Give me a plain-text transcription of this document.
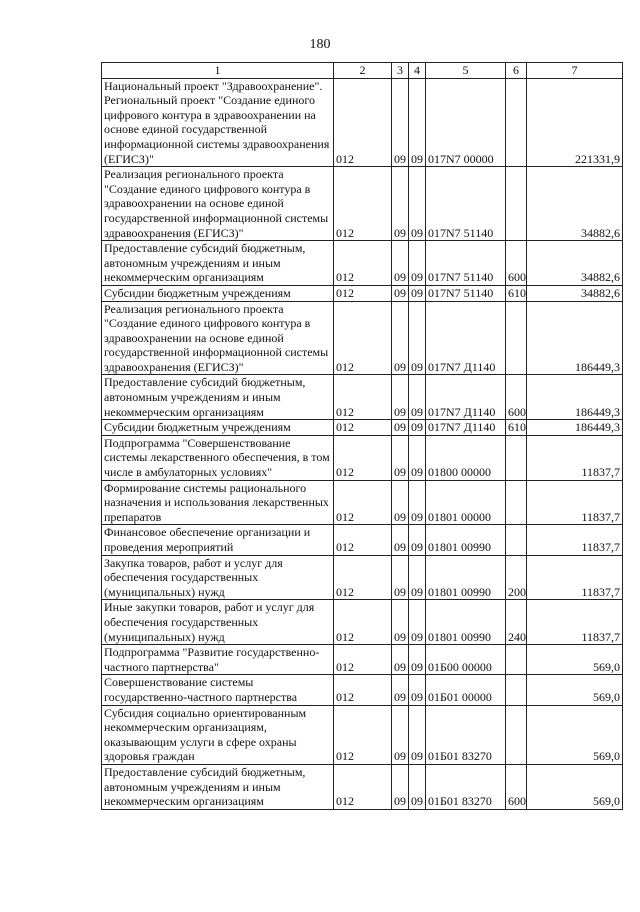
180
1	2	3	4	5	6	7
Национальный проект "Здравоохранение". Региональный проект "Создание единого цифрового контура в здравоохранении на основе единой государственной информационной системы здравоохранения (ЕГИСЗ)"	012	09	09	017N7 00000		221331,9
Реализация регионального проекта "Создание единого цифрового контура в здравоохранении на основе единой государственной информационной системы здравоохранения (ЕГИСЗ)"	012	09	09	017N7 51140		34882,6
Предоставление субсидий бюджетным, автономным учреждениям и иным некоммерческим организациям	012	09	09	017N7 51140	600	34882,6
Субсидии бюджетным учреждениям	012	09	09	017N7 51140	610	34882,6
Реализация регионального проекта "Создание единого цифрового контура в здравоохранении на основе единой государственной информационной системы здравоохранения (ЕГИСЗ)"	012	09	09	017N7 Д1140		186449,3
Предоставление субсидий бюджетным, автономным учреждениям и иным некоммерческим организациям	012	09	09	017N7 Д1140	600	186449,3
Субсидии бюджетным учреждениям	012	09	09	017N7 Д1140	610	186449,3
Подпрограмма "Совершенствование системы лекарственного обеспечения, в том числе в амбулаторных условиях"	012	09	09	01800 00000		11837,7
Формирование системы рационального назначения и использования лекарственных препаратов	012	09	09	01801 00000		11837,7
Финансовое обеспечение организации и проведения мероприятий	012	09	09	01801 00990		11837,7
Закупка товаров, работ и услуг для обеспечения государственных (муниципальных) нужд	012	09	09	01801 00990	200	11837,7
Иные закупки товаров, работ и услуг для обеспечения государственных (муниципальных) нужд	012	09	09	01801 00990	240	11837,7
Подпрограмма "Развитие государственно-частного партнерства"	012	09	09	01Б00 00000		569,0
Совершенствование системы государственно-частного партнерства	012	09	09	01Б01 00000		569,0
Субсидия социально ориентированным некоммерческим организациям, оказывающим услуги в сфере охраны здоровья граждан	012	09	09	01Б01 83270		569,0
Предоставление субсидий бюджетным, автономным учреждениям и иным некоммерческим организациям	012	09	09	01Б01 83270	600	569,0
